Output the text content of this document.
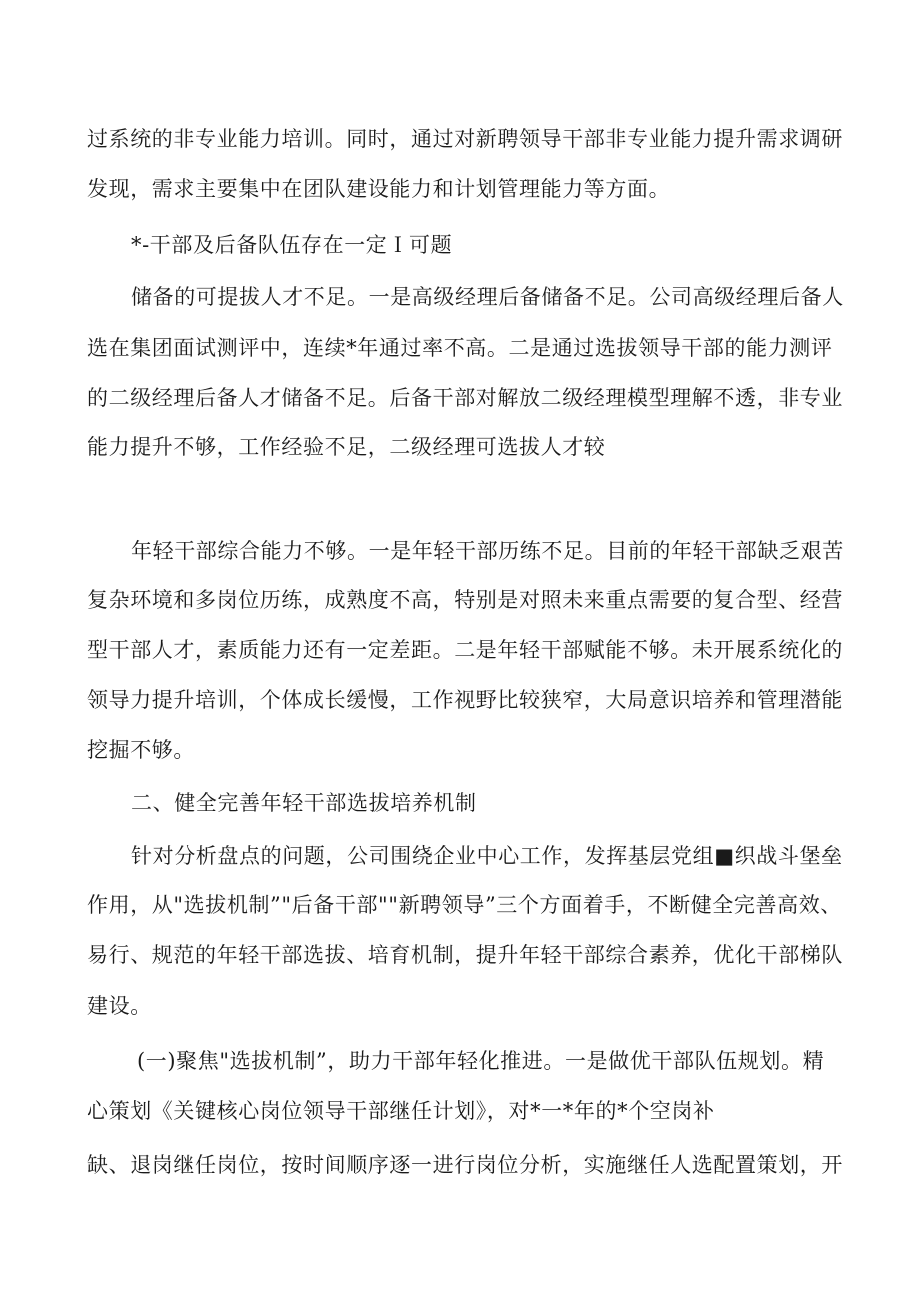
过系统的非专业能力培训。同时，通过对新聘领导干部非专业能力提升需求调研

发现，需求主要集中在团队建设能力和计划管理能力等方面。

*-干部及后备队伍存在一定Ｉ可题

储备的可提拔人才不足。一是高级经理后备储备不足。公司高级经理后备人

选在集团面试测评中，连续*年通过率不高。二是通过选拔领导干部的能力测评

的二级经理后备人才储备不足。后备干部对解放二级经理模型理解不透，非专业

能力提升不够，工作经验不足，二级经理可选拔人才较

年轻干部综合能力不够。一是年轻干部历练不足。目前的年轻干部缺乏艰苦

复杂环境和多岗位历练，成熟度不高，特别是对照未来重点需要的复合型、经营

型干部人才，素质能力还有一定差距。二是年轻干部赋能不够。未开展系统化的

领导力提升培训，个体成长缓慢，工作视野比较狭窄，大局意识培养和管理潜能

挖掘不够。

二、健全完善年轻干部选拔培养机制

针对分析盘点的问题，公司围绕企业中心工作，发挥基层党组■织战斗堡垒

作用，从"选拔机制”"后备干部""新聘领导”三个方面着手，不断健全完善高效、

易行、规范的年轻干部选拔、培育机制，提升年轻干部综合素养，优化干部梯队

建设。

(一)聚焦"选拔机制”，助力干部年轻化推进。一是做优干部队伍规划。精

心策划《关键核心岗位领导干部继任计划》，对*一*年的*个空岗补

缺、退岗继任岗位，按时间顺序逐一进行岗位分析，实施继任人选配置策划，开
